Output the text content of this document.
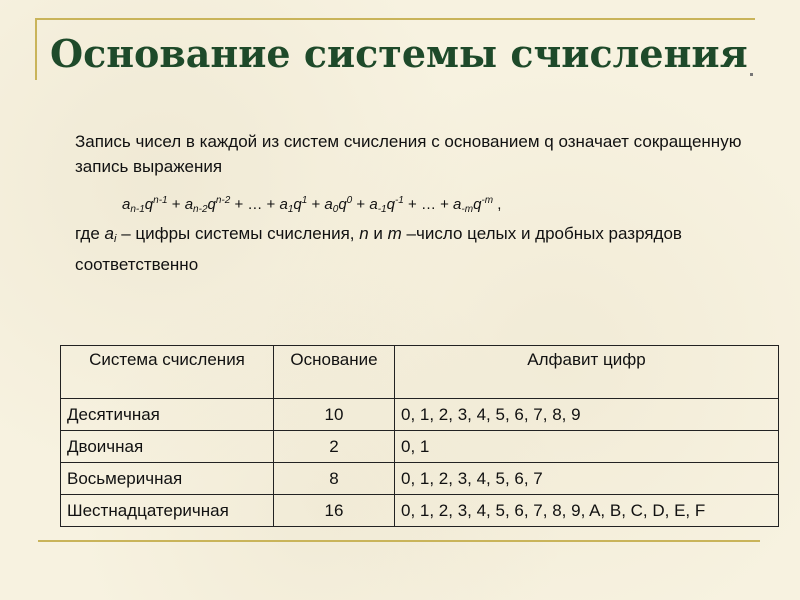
Основание системы счисления

Запись чисел в каждой из систем счисления с основанием q означает сокращенную запись выражения

$a_{n-1}q^{n-1} + a_{n-2}q^{n-2}$ + … + $a_1q^1 + a_0q^0 + a_{-1}q^{-1}$ + … + $a_{-m}q^{-m}$ ,

где $a_i$ – цифры системы счисления, n и m –число целых и дробных разрядов соответственно

Система счисления	Основание	Алфавит цифр
Десятичная	10	0, 1, 2, 3, 4, 5, 6, 7, 8, 9
Двоичная	2	0, 1
Восьмеричная	8	0, 1, 2, 3, 4, 5, 6, 7
Шестнадцатеричная	16	0, 1, 2, 3, 4, 5, 6, 7, 8, 9, A, B, C, D, E, F
